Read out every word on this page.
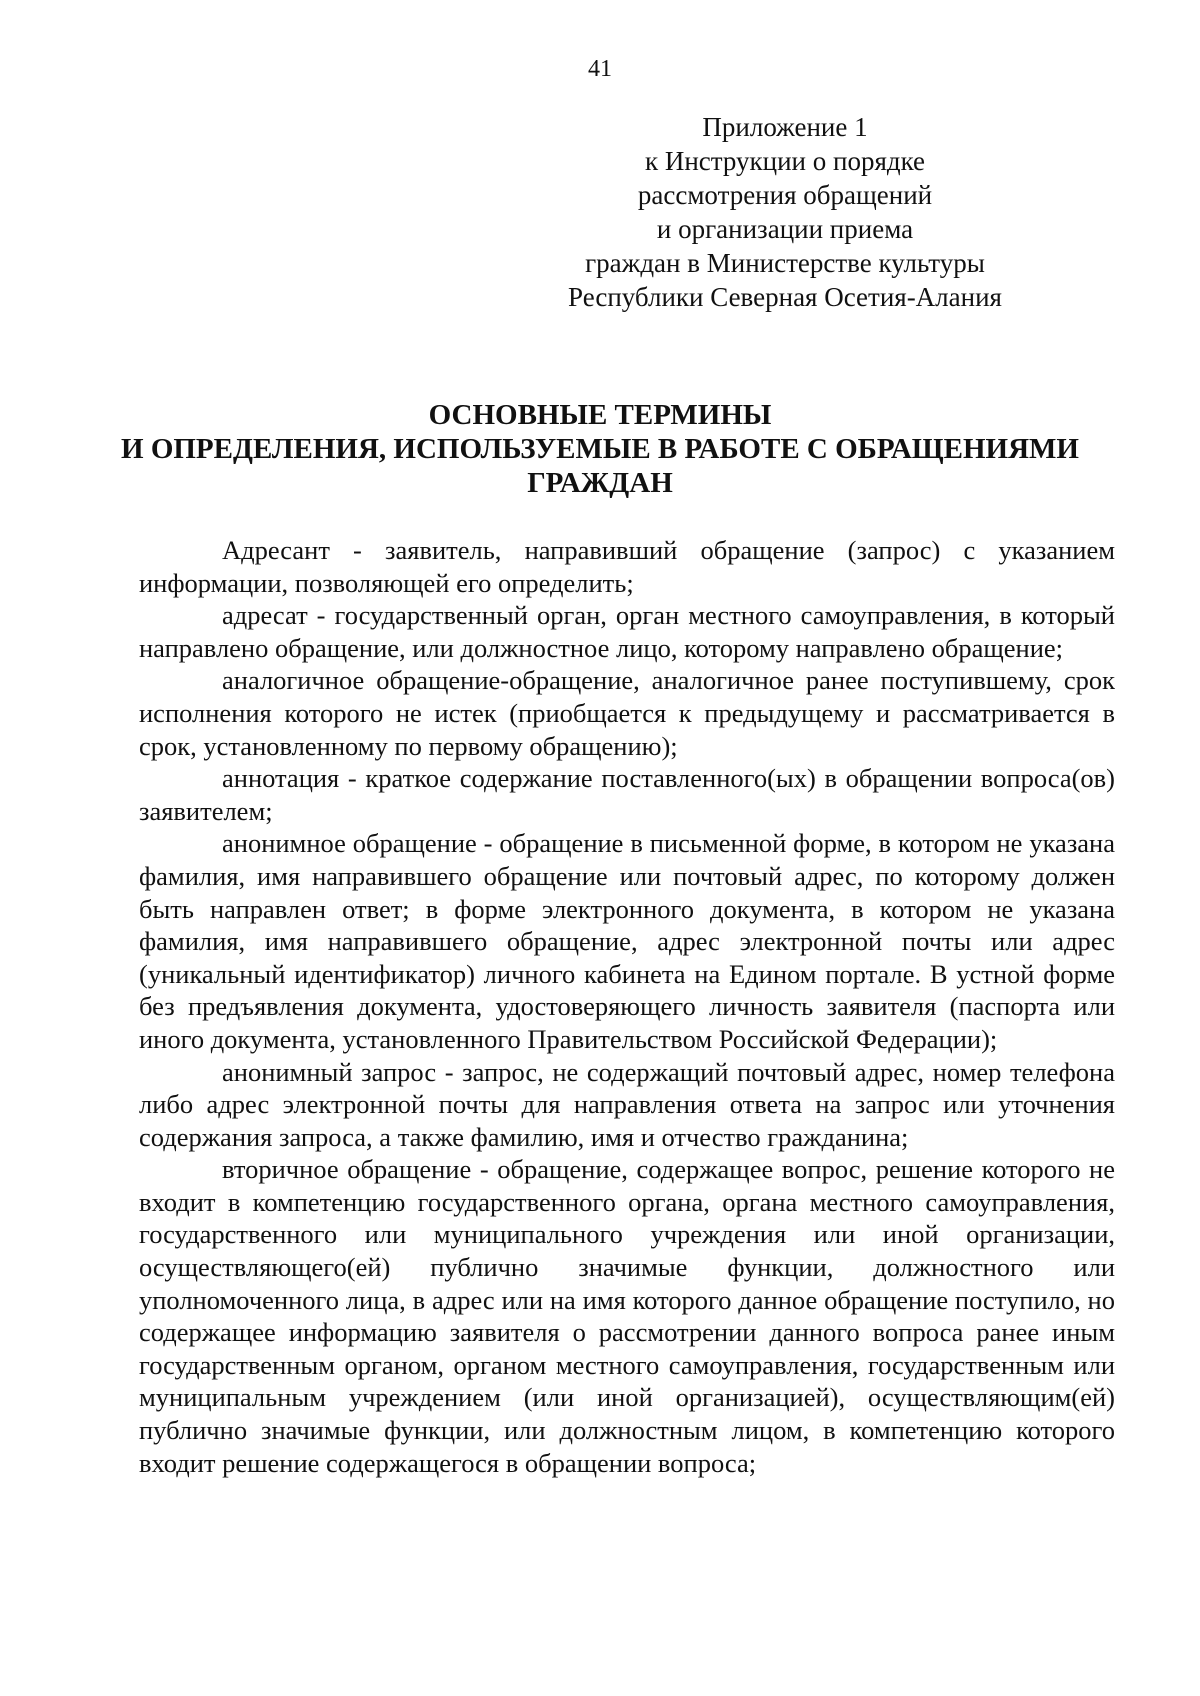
41
Приложение 1
к Инструкции о порядке
рассмотрения обращений
и организации приема
граждан в Министерстве культуры
Республики Северная Осетия-Алания
ОСНОВНЫЕ ТЕРМИНЫ
И ОПРЕДЕЛЕНИЯ, ИСПОЛЬЗУЕМЫЕ В РАБОТЕ С ОБРАЩЕНИЯМИ
ГРАЖДАН

Адресант - заявитель, направивший обращение (запрос) с указанием информации, позволяющей его определить;

адресат - государственный орган, орган местного самоуправления, в который направлено обращение, или должностное лицо, которому направлено обращение;

аналогичное обращение-обращение, аналогичное ранее поступившему, срок исполнения которого не истек (приобщается к предыдущему и рассматривается в срок, установленному по первому обращению);

аннотация - краткое содержание поставленного(ых) в обращении вопроса(ов) заявителем;

анонимное обращение - обращение в письменной форме, в котором не указана фамилия, имя направившего обращение или почтовый адрес, по которому должен быть направлен ответ; в форме электронного документа, в котором не указана фамилия, имя направившего обращение, адрес электронной почты или адрес (уникальный идентификатор) личного кабинета на Едином портале. В устной форме без предъявления документа, удостоверяющего личность заявителя (паспорта или иного документа, установленного Правительством Российской Федерации);

анонимный запрос - запрос, не содержащий почтовый адрес, номер телефона либо адрес электронной почты для направления ответа на запрос или уточнения содержания запроса, а также фамилию, имя и отчество гражданина;

вторичное обращение - обращение, содержащее вопрос, решение которого не входит в компетенцию государственного органа, органа местного самоуправления, государственного или муниципального учреждения или иной организации, осуществляющего(ей) публично значимые функции, должностного или уполномоченного лица, в адрес или на имя которого данное обращение поступило, но содержащее информацию заявителя о рассмотрении данного вопроса ранее иным государственным органом, органом местного самоуправления, государственным или муниципальным учреждением (или иной организацией), осуществляющим(ей) публично значимые функции, или должностным лицом, в компетенцию которого входит решение содержащегося в обращении вопроса;
